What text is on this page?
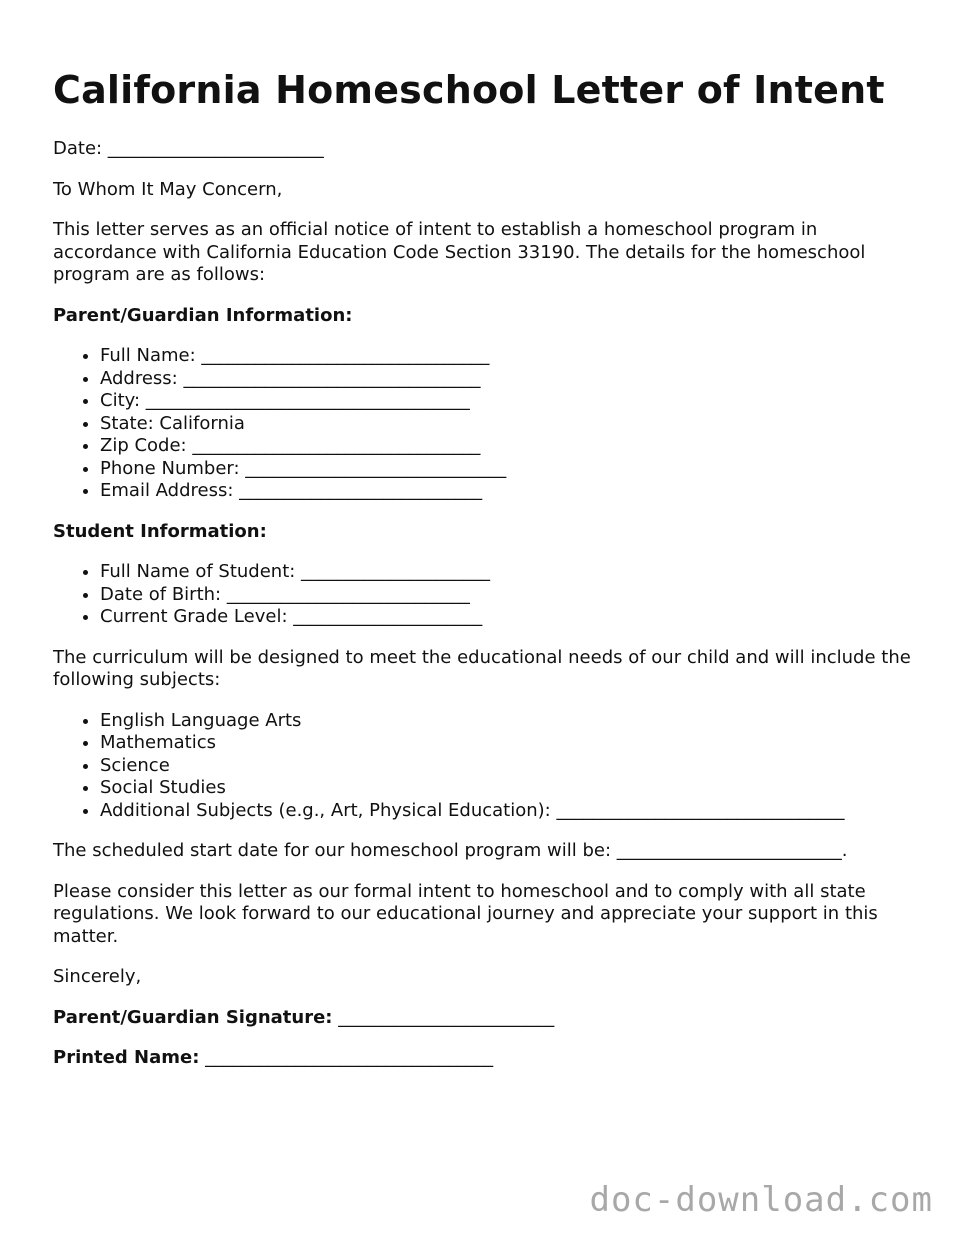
California Homeschool Letter of Intent

Date: ________________________

To Whom It May Concern,

This letter serves as an official notice of intent to establish a homeschool program in accordance with California Education Code Section 33190. The details for the homeschool program are as follows:

Parent/Guardian Information:

• Full Name: ________________________________
• Address: _________________________________
• City: ____________________________________
• State: California
• Zip Code: ________________________________
• Phone Number: _____________________________
• Email Address: ___________________________

Student Information:

• Full Name of Student: _____________________
• Date of Birth: ___________________________
• Current Grade Level: _____________________

The curriculum will be designed to meet the educational needs of our child and will include the following subjects:

• English Language Arts
• Mathematics
• Science
• Social Studies
• Additional Subjects (e.g., Art, Physical Education): ________________________________

The scheduled start date for our homeschool program will be: _________________________.

Please consider this letter as our formal intent to homeschool and to comply with all state regulations. We look forward to our educational journey and appreciate your support in this matter.

Sincerely,

Parent/Guardian Signature: ________________________

Printed Name: ________________________________

doc-download.com
